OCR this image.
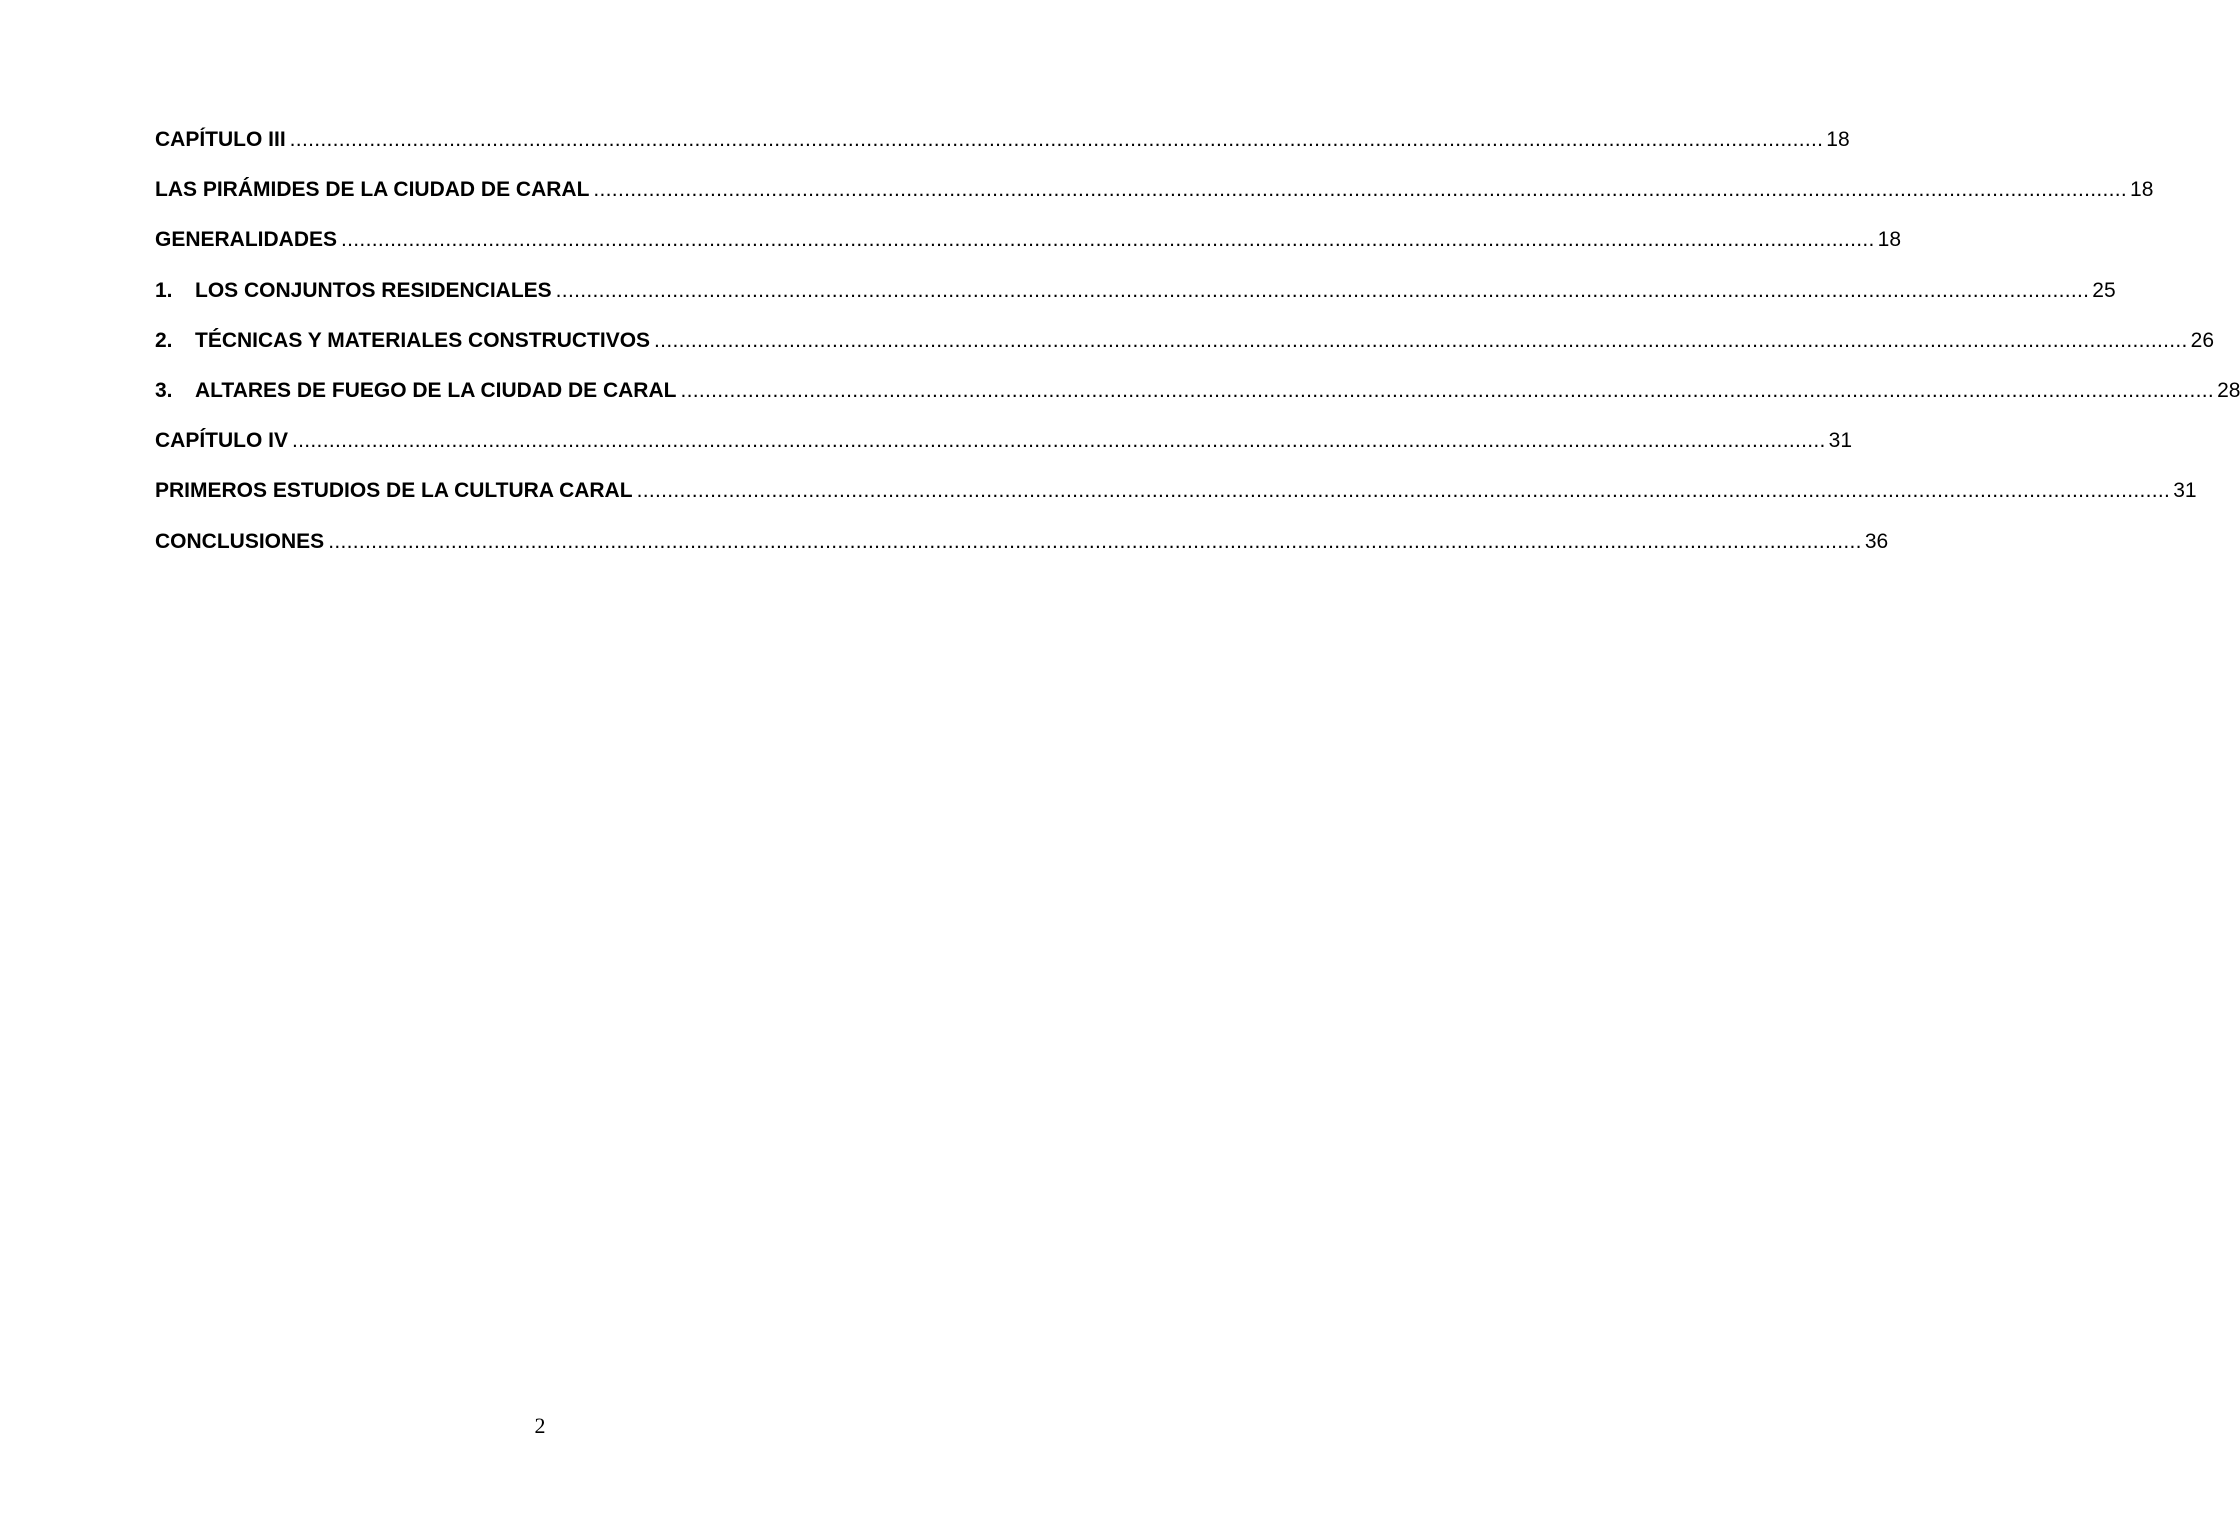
CAPÍTULO III .......................................................................................................................................................................................................................................................... 18
LAS PIRÁMIDES DE LA CIUDAD DE CARAL .......................................................................................................................................................................................................................................................... 18
GENERALIDADES .......................................................................................................................................................................................................................................................... 18
1.	LOS CONJUNTOS RESIDENCIALES .......................................................................................................................................................................................................................................................... 25
2.	TÉCNICAS Y MATERIALES CONSTRUCTIVOS .......................................................................................................................................................................................................................................................... 26
3.	ALTARES DE FUEGO DE LA CIUDAD DE CARAL .......................................................................................................................................................................................................................................................... 28
CAPÍTULO IV .......................................................................................................................................................................................................................................................... 31
PRIMEROS ESTUDIOS DE LA CULTURA CARAL .......................................................................................................................................................................................................................................................... 31
CONCLUSIONES .......................................................................................................................................................................................................................................................... 36
2
